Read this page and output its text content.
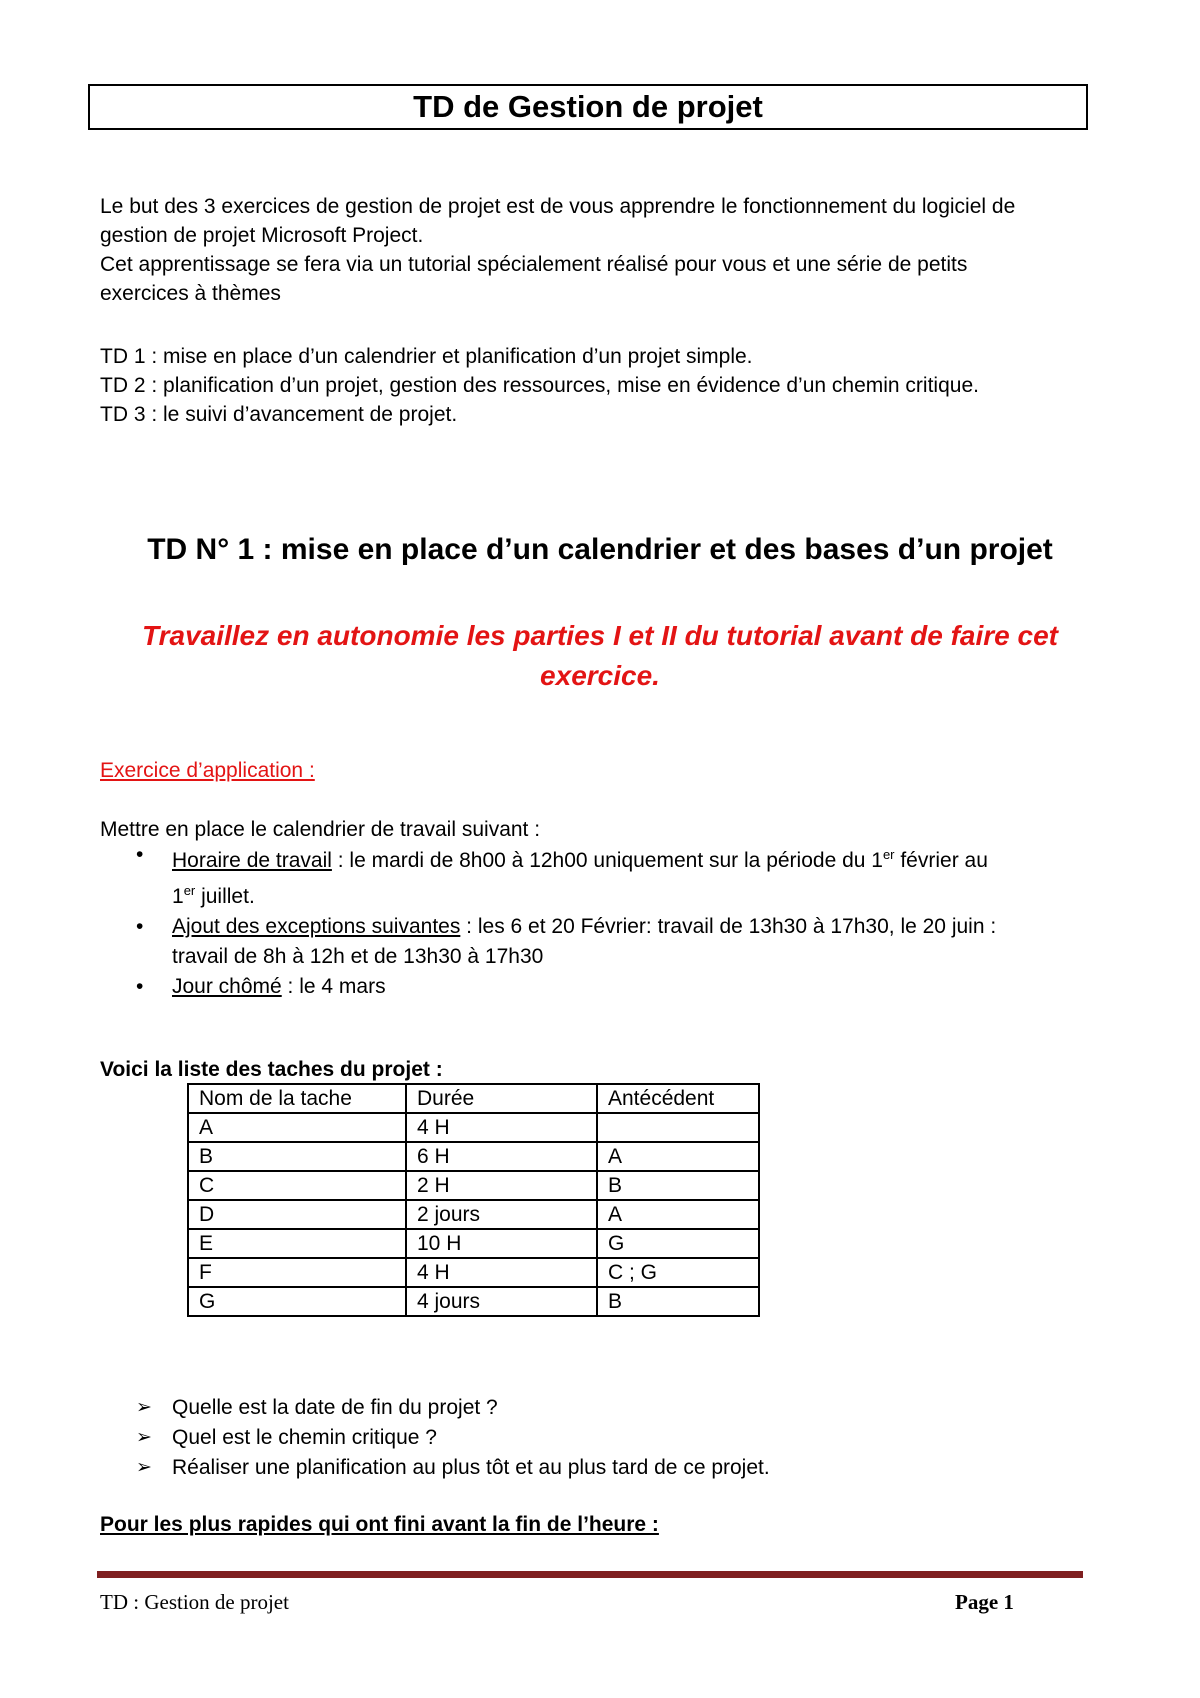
TD de Gestion de projet
Le but des 3 exercices de gestion de projet est de vous apprendre le fonctionnement du logiciel de
gestion de projet Microsoft Project.
Cet apprentissage se fera via un tutorial spécialement réalisé pour vous et une série de petits
exercices à thèmes
TD 1 : mise en place d’un calendrier et planification d’un projet simple.
TD 2 : planification d’un projet, gestion des ressources, mise en évidence d’un chemin critique.
TD 3 : le suivi d’avancement de projet.
TD N° 1 : mise en place d’un calendrier et des bases d’un projet
Travaillez en autonomie les parties I et II du tutorial avant de faire cet
exercice.
Exercice d’application :
Mettre en place le calendrier de travail suivant :
• Horaire de travail : le mardi de 8h00 à 12h00 uniquement sur la période du 1er février au
1er juillet.
• Ajout des exceptions suivantes : les 6 et 20 Février: travail de 13h30 à 17h30, le 20 juin :
travail de 8h à 12h et de 13h30 à 17h30
• Jour chômé : le 4 mars
Voici la liste des taches du projet :
Nom de la tache	Durée	Antécédent
A	4 H	
B	6 H	A
C	2 H	B
D	2 jours	A
E	10 H	G
F	4 H	C ; G
G	4 jours	B
➢ Quelle est la date de fin du projet ?
➢ Quel est le chemin critique ?
➢ Réaliser une planification au plus tôt et au plus tard de ce projet.
Pour les plus rapides qui ont fini avant la fin de l’heure :
TD : Gestion de projet	Page 1
